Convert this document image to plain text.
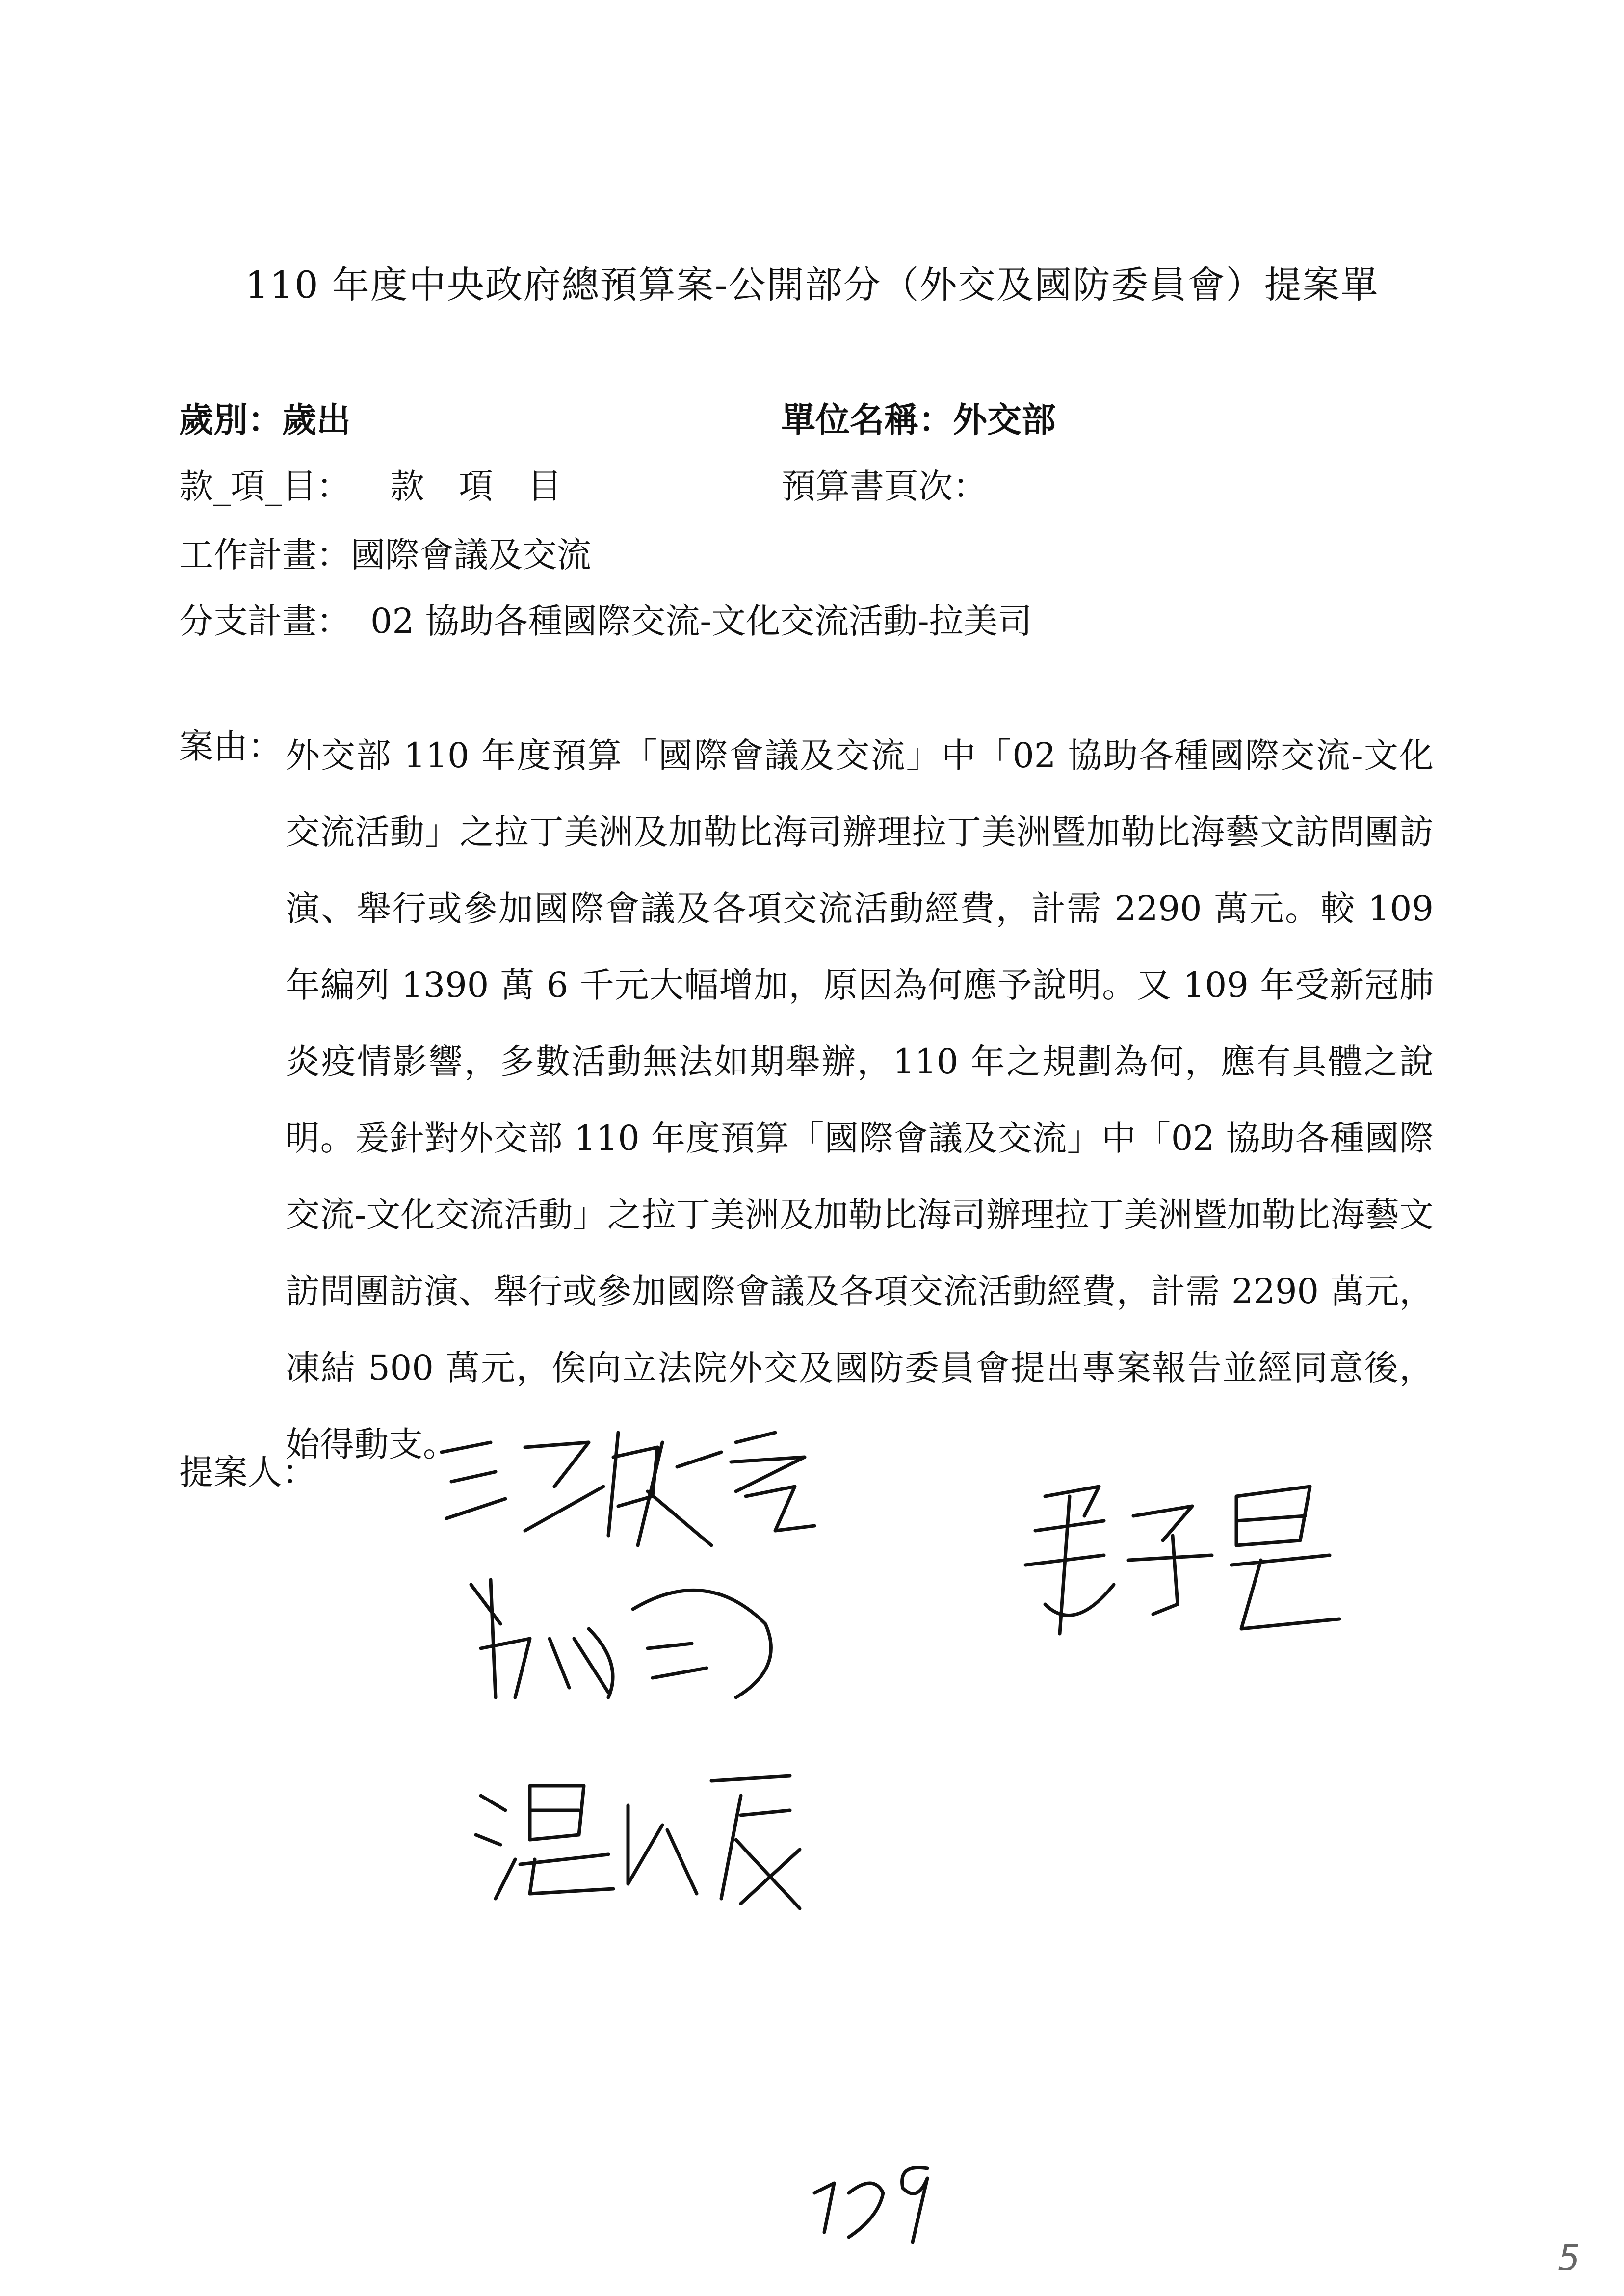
110 年度中央政府總預算案-公開部分（外交及國防委員會）提案單
歲別：歲出	單位名稱：外交部
款_項_目： 款　項　目	預算書頁次：
工作計畫：國際會議及交流
分支計畫： 02 協助各種國際交流-文化交流活動-拉美司
案由： 外交部 110 年度預算「國際會議及交流」中「02 協助各種國際交流-文化交流活動」之拉丁美洲及加勒比海司辦理拉丁美洲暨加勒比海藝文訪問團訪演、舉行或參加國際會議及各項交流活動經費，計需 2290 萬元。較 109 年編列 1390 萬 6 千元大幅增加，原因為何應予說明。又 109 年受新冠肺炎疫情影響，多數活動無法如期舉辦，110 年之規劃為何，應有具體之說明。爰針對外交部 110 年度預算「國際會議及交流」中「02 協助各種國際交流-文化交流活動」之拉丁美洲及加勒比海司辦理拉丁美洲暨加勒比海藝文訪問團訪演、舉行或參加國際會議及各項交流活動經費，計需 2290 萬元，凍結 500 萬元，俟向立法院外交及國防委員會提出專案報告並經同意後，始得動支。
提案人：
5
